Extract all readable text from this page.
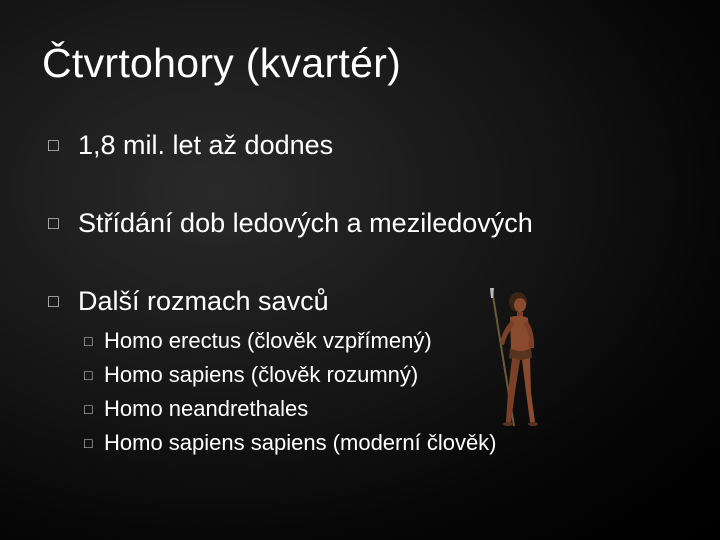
Čtvrtohory (kvartér)
□ 1,8 mil. let až dodnes
□ Střídání dob ledových a meziledových
□ Další rozmach savců
□ Homo erectus (člověk vzpřímený)
□ Homo sapiens (člověk rozumný)
□ Homo neandrethales
□ Homo sapiens sapiens (moderní člověk)
